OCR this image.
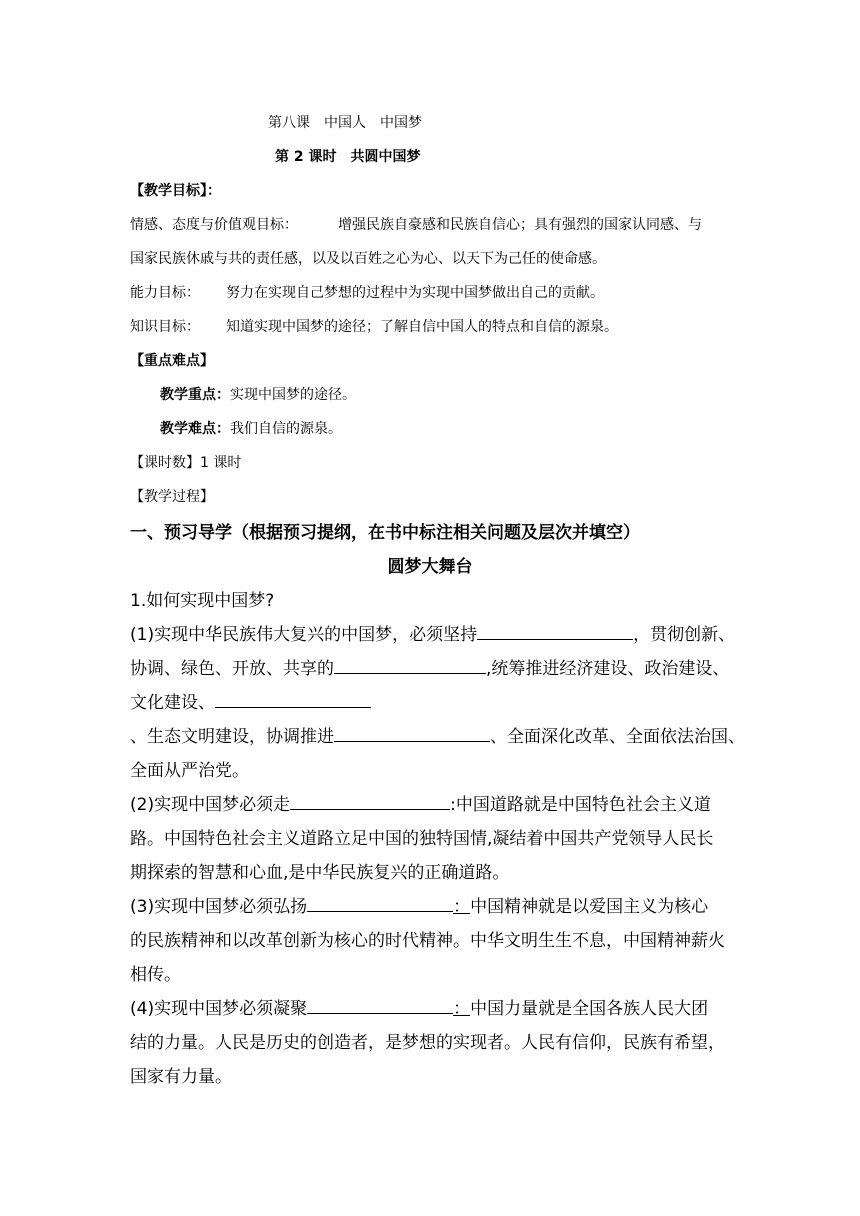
第八课　中国人　中国梦
第 2 课时　共圆中国梦
【教学目标】：
情感、态度与价值观目标：	增强民族自豪感和民族自信心；具有强烈的国家认同感、与
国家民族休戚与共的责任感，以及以百姓之心为心、以天下为己任的使命感。
能力目标： 努力在实现自己梦想的过程中为实现中国梦做出自己的贡献。
知识目标： 知道实现中国梦的途径；了解自信中国人的特点和自信的源泉。
【重点难点】
教学重点：实现中国梦的途径。
教学难点：我们自信的源泉。
【课时数】1 课时
【教学过程】
一、预习导学（根据预习提纲，在书中标注相关问题及层次并填空）
圆梦大舞台
1.如何实现中国梦?
(1)实现中华民族伟大复兴的中国梦，必须坚持	，贯彻创新、
协调、绿色、开放、共享的	,统筹推进经济建设、政治建设、
文化建设、
、生态文明建设，协调推进	、全面深化改革、全面依法治国、
全面从严治党。
(2)实现中国梦必须走	:中国道路就是中国特色社会主义道
路。中国特色社会主义道路立足中国的独特国情,凝结着中国共产党领导人民长
期探索的智慧和心血,是中华民族复兴的正确道路。
(3)实现中国梦必须弘扬	：中国精神就是以爱国主义为核心
的民族精神和以改革创新为核心的时代精神。中华文明生生不息，中国精神薪火
相传。
(4)实现中国梦必须凝聚	：中国力量就是全国各族人民大团
结的力量。人民是历史的创造者，是梦想的实现者。人民有信仰，民族有希望，
国家有力量。
